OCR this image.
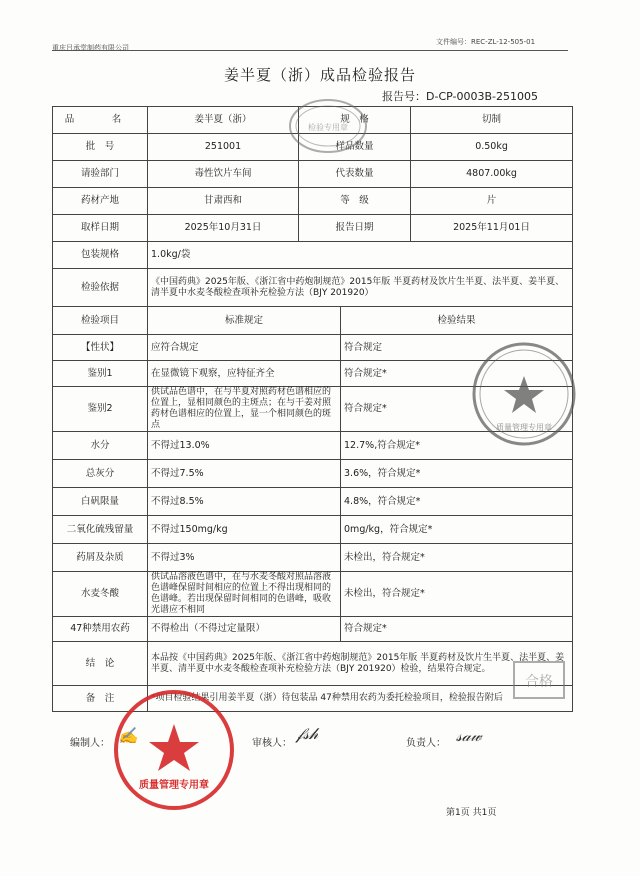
重庆吕承堂制药有限公司
文件编号：REC-ZL-12-505-01
姜半夏（浙）成品检验报告
报告号：D-CP-0003B-251005
品　名	姜半夏（浙）	规　格		切制
批　号	251001	样品数量		0.50kg
请验部门	毒性饮片车间	代表数量		4807.00kg
药材产地	甘肃西和	等　级		片
取样日期	2025年10月31日	报告日期		2025年11月01日
包装规格	1.0kg/袋			
检验依据	《中国药典》2025年版、《浙江省中药炮制规范》2015年版 半夏药材及饮片生半夏、法半夏、姜半夏、清半夏中水麦冬酸检查项补充检验方法（BJY 201920）			
检验项目	标准规定		检验结果	
【性状】	应符合规定		符合规定	
鉴别1	在显微镜下观察，应特征齐全		符合规定*	
鉴别2	供试品色谱中，在与半夏对照药材色谱相应的位置上，显相同颜色的主斑点；在与干姜对照药材色谱相应的位置上，显一个相同颜色的斑点		符合规定*	
水分	不得过13.0%		12.7%,符合规定*	
总灰分	不得过7.5%		3.6%，符合规定*	
白矾限量	不得过8.5%		4.8%，符合规定*	
二氧化硫残留量	不得过150mg/kg		0mg/kg，符合规定*	
药屑及杂质	不得过3%		未检出，符合规定*	
水麦冬酸	供试品溶液色谱中，在与水麦冬酸对照品溶液色谱峰保留时间相应的位置上不得出现相同的色谱峰。若出现保留时间相同的色谱峰，吸收光谱应不相同		未检出，符合规定*	
47种禁用农药	不得检出（不得过定量限）		符合规定*	
结　论	本品按《中国药典》2025年版、《浙江省中药炮制规范》2015年版 半夏药材及饮片生半夏、法半夏、姜半夏、清半夏中水麦冬酸检查项补充检验方法（BJY 201920）检验，结果符合规定。			
备　注	*项目检验结果引用姜半夏（浙）待包装品 47种禁用农药为委托检验项目，检验报告附后			
编制人： ✍	审核人：
𝒻𝓈𝒽
负责人： 𝓈𝒶𝓌
第1页 共1页
检验专用章
质量管理专用章
合格
质量管理专用章
